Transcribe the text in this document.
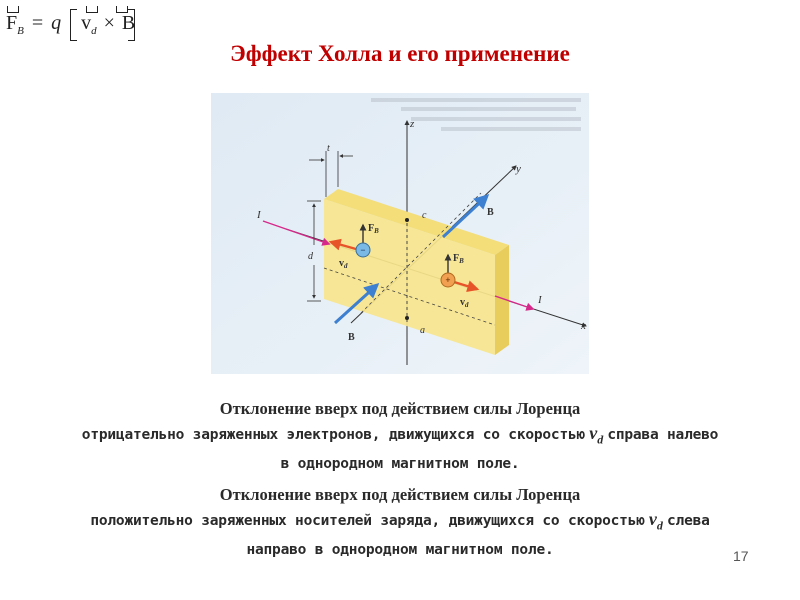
$F_B = q$ $v_d \times B$
Эффект Холла и его применение
z
x
y
c
a
I
I
B
B
$F_B$
$v_d$
−
$F_B$
$v_d$
+
t
d
Отклонение вверх под действием силы Лоренца
отрицательно заряженных электронов, движущихся со скоростью $v_d$ справа налево
в однородном магнитном поле.
Отклонение вверх под действием силы Лоренца
положительно заряженных носителей заряда, движущихся со скоростью $v_d$ слева
направо в однородном магнитном поле.	17
